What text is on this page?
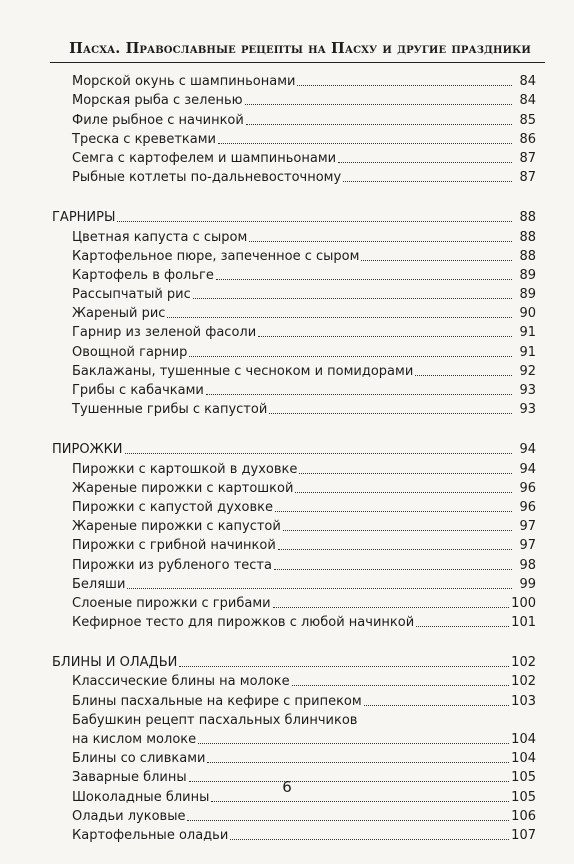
Пасха. Православные рецепты на Пасху и другие праздники
Морской окунь с шампиньонами	84
Морская рыба с зеленью	84
Филе рыбное с начинкой	85
Треска с креветками	86
Семга с картофелем и шампиньонами	87
Рыбные котлеты по-дальневосточному	87
ГАРНИРЫ	88
Цветная капуста с сыром	88
Картофельное пюре, запеченное с сыром	88
Картофель в фольге	89
Рассыпчатый рис	89
Жареный рис	90
Гарнир из зеленой фасоли	91
Овощной гарнир	91
Баклажаны, тушенные с чесноком и помидорами	92
Грибы с кабачками	93
Тушенные грибы с капустой	93
ПИРОЖКИ	94
Пирожки с картошкой в духовке	94
Жареные пирожки с картошкой	96
Пирожки с капустой духовке	96
Жареные пирожки с капустой	97
Пирожки с грибной начинкой	97
Пирожки из рубленого теста	98
Беляши	99
Слоеные пирожки с грибами	100
Кефирное тесто для пирожков с любой начинкой	101
БЛИНЫ И ОЛАДЬИ	102
Классические блины на молоке	102
Блины пасхальные на кефире с припеком	103
Бабушкин рецепт пасхальных блинчиков
на кислом молоке	104
Блины со сливками	104
Заварные блины	105
Шоколадные блины	105
Оладьи луковые	106
Картофельные оладьи	107
6
